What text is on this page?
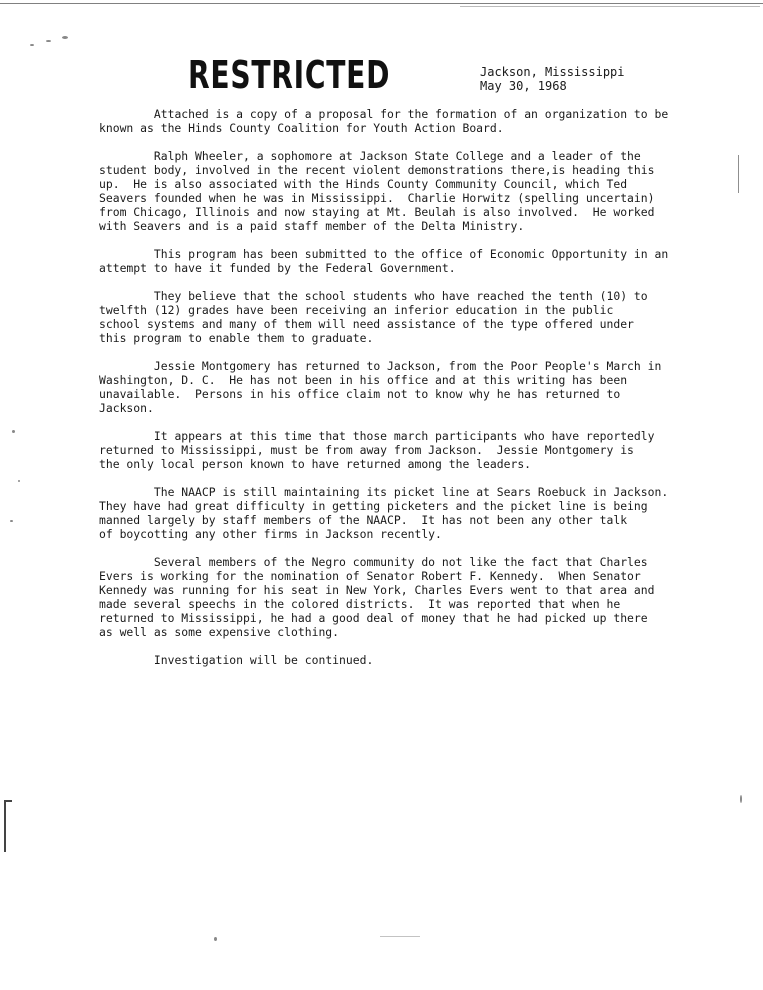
RESTRICTED	Jackson, Mississippi
May 30, 1968

Attached is a copy of a proposal for the formation of an organization to be
known as the Hinds County Coalition for Youth Action Board.

Ralph Wheeler, a sophomore at Jackson State College and a leader of the
student body, involved in the recent violent demonstrations there,is heading this
up.  He is also associated with the Hinds County Community Council, which Ted
Seavers founded when he was in Mississippi.  Charlie Horwitz (spelling uncertain)
from Chicago, Illinois and now staying at Mt. Beulah is also involved.  He worked
with Seavers and is a paid staff member of the Delta Ministry.

This program has been submitted to the office of Economic Opportunity in an
attempt to have it funded by the Federal Government.

They believe that the school students who have reached the tenth (10) to
twelfth (12) grades have been receiving an inferior education in the public
school systems and many of them will need assistance of the type offered under
this program to enable them to graduate.

Jessie Montgomery has returned to Jackson, from the Poor People's March in
Washington, D. C.  He has not been in his office and at this writing has been
unavailable.  Persons in his office claim not to know why he has returned to
Jackson.

It appears at this time that those march participants who have reportedly
returned to Mississippi, must be from away from Jackson.  Jessie Montgomery is
the only local person known to have returned among the leaders.

The NAACP is still maintaining its picket line at Sears Roebuck in Jackson.
They have had great difficulty in getting picketers and the picket line is being
manned largely by staff members of the NAACP.  It has not been any other talk
of boycotting any other firms in Jackson recently.

Several members of the Negro community do not like the fact that Charles
Evers is working for the nomination of Senator Robert F. Kennedy.  When Senator
Kennedy was running for his seat in New York, Charles Evers went to that area and
made several speechs in the colored districts.  It was reported that when he
returned to Mississippi, he had a good deal of money that he had picked up there
as well as some expensive clothing.

Investigation will be continued.
